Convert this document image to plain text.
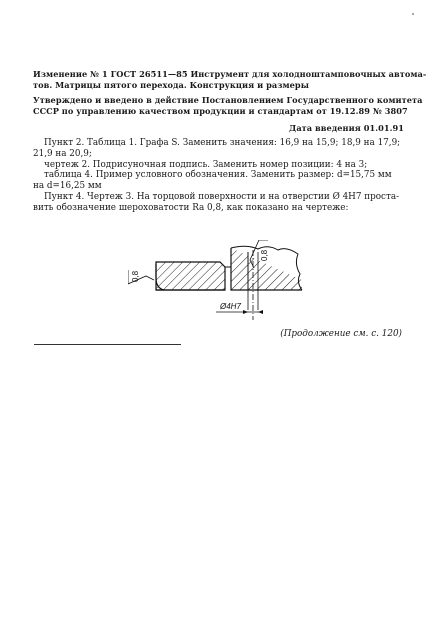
Изменение № 1 ГОСТ 26511—85 Инструмент для холодноштамповочных автома-
тов. Матрицы пятого перехода. Конструкция и размеры
Утверждено и введено в действие Постановлением Государственного комитета
СССР по управлению качеством продукции и стандартам от 19.12.89 № 3807
Дата введения 01.01.91
Пункт 2. Таблица 1. Графа S. Заменить значения: 16,9 на 15,9; 18,9 на 17,9;
21,9 на 20,9;
чертеж 2. Подрисуночная подпись. Заменить номер позиции: 4 на 3;
таблица 4. Пример условного обозначения. Заменить размер: d=15,75 мм
на d=16,25 мм
Пункт 4. Чертеж 3. На торцовой поверхности и на отверстии Ø 4Н7 проста-
вить обозначение шероховатости Ra 0,8, как показано на чертеже:
0,8
0,8
Ø4Н7
(Продолжение см. с. 120)
